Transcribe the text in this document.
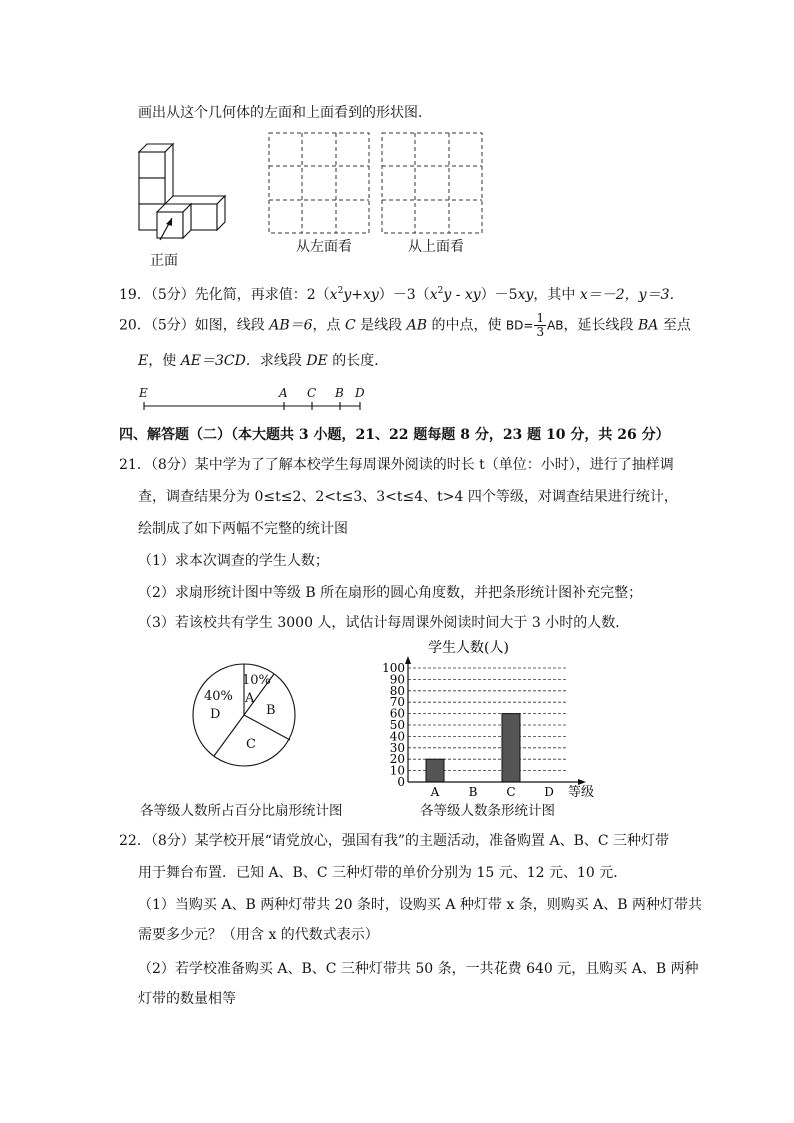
画出从这个几何体的左面和上面看到的形状图．
正面
从左面看	从上面看
19．（5分）先化简，再求值：$2(x^2y+xy)-3(x^2y - xy)-5xy$，其中 x＝－2，y＝3．
20．（5分）如图，线段 AB＝6，点 C 是线段 AB 的中点，使 $BD= \frac{1}{3}$ AB，延长线段 BA 至点
E，使 AE＝3CD．求线段 DE 的长度．
E	A C B D
四、解答题（二）（本大题共 3 小题，21、22 题每题 8 分，23 题 10 分，共 26 分）
21．（8分）某中学为了了解本校学生每周课外阅读的时长 t（单位：小时），进行了抽样调
查，调查结果分为 0≤t≤2、2<t≤3、3<t≤4、t>4 四个等级，对调查结果进行统计，
绘制成了如下两幅不完整的统计图
（1）求本次调查的学生人数；
（2）求扇形统计图中等级 B 所在扇形的圆心角度数，并把条形统计图补充完整；
（3）若该校共有学生 3000 人，试估计每周课外阅读时间大于 3 小时的人数．
10%
A
B
C
40%
D
各等级人数所占百分比扇形统计图
学生人数(人)
0
10
20
30
40
50
60
70
80
90
100
A B C D 等级
各等级人数条形统计图
22．（8分）某学校开展“请党放心，强国有我”的主题活动，准备购置 A、B、C 三种灯带
用于舞台布置．已知 A、B、C 三种灯带的单价分别为 15 元、12 元、10 元．
（1）当购买 A、B 两种灯带共 20 条时，设购买 A 种灯带 x 条，则购买 A、B 两种灯带共
需要多少元？（用含 x 的代数式表示）
（2）若学校准备购买 A、B、C 三种灯带共 50 条，一共花费 640 元，且购买 A、B 两种
灯带的数量相等
